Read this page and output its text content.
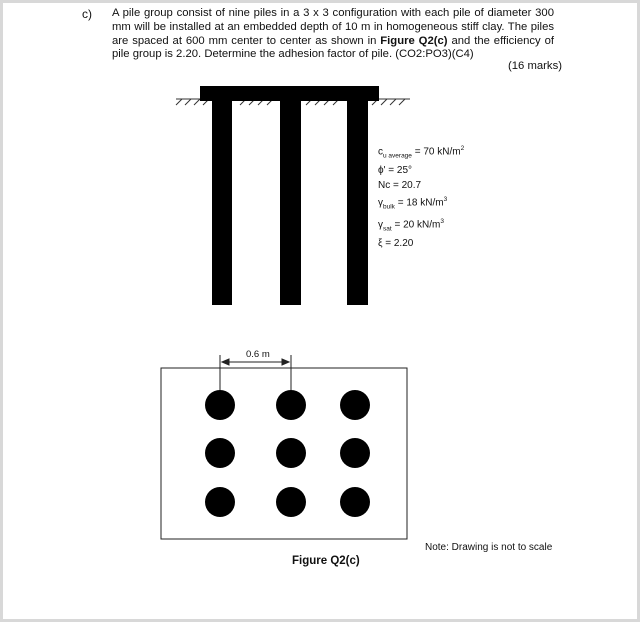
c) A pile group consist of nine piles in a 3 x 3 configuration with each pile of diameter 300 mm will be installed at an embedded depth of 10 m in homogeneous stiff clay. The piles are spaced at 600 mm center to center as shown in Figure Q2(c) and the efficiency of pile group is 2.20. Determine the adhesion factor of pile. (CO2:PO3)(C4)
(16 marks)
$c_{u average} = 70$ $kN/m^2$
ϕ' = 25°
Nc = 20.7
$\gamma_{bulk} = 18$ $kN/m^3$
$\gamma_{sat} = 20$ $kN/m^3$
ξ = 2.20
0.6 m
Note: Drawing is not to scale
Figure Q2(c)
